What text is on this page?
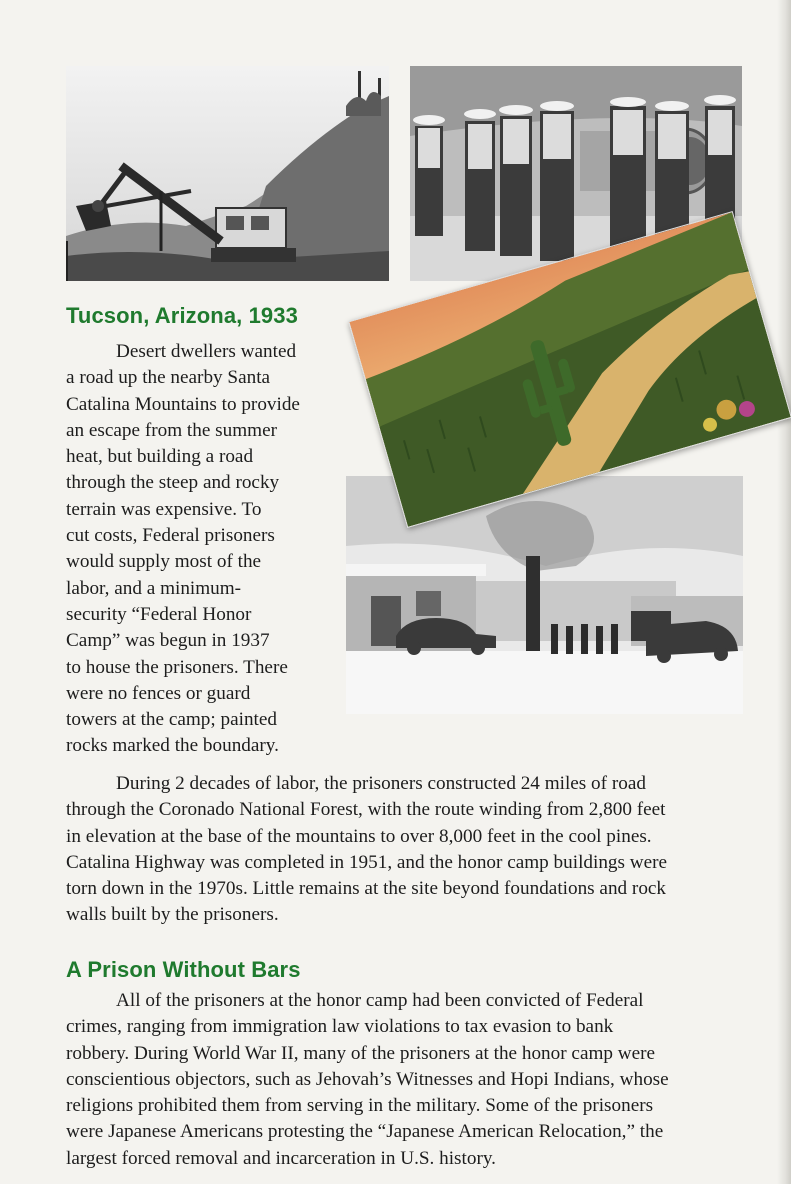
Tucson, Arizona, 1933
Desert dwellers wanted
a road up the nearby Santa
Catalina Mountains to provide
an escape from the summer
heat, but building a road
through the steep and rocky
terrain was expensive. To
cut costs, Federal prisoners
would supply most of the
labor, and a minimum-
security “Federal Honor
Camp” was begun in 1937
to house the prisoners. There
were no fences or guard
towers at the camp; painted
rocks marked the boundary.
During 2 decades of labor, the prisoners constructed 24 miles of road
through the Coronado National Forest, with the route winding from 2,800 feet
in elevation at the base of the mountains to over 8,000 feet in the cool pines.
Catalina Highway was completed in 1951, and the honor camp buildings were
torn down in the 1970s. Little remains at the site beyond foundations and rock
walls built by the prisoners.
A Prison Without Bars
All of the prisoners at the honor camp had been convicted of Federal
crimes, ranging from immigration law violations to tax evasion to bank
robbery. During World War II, many of the prisoners at the honor camp were
conscientious objectors, such as Jehovah’s Witnesses and Hopi Indians, whose
religions prohibited them from serving in the military. Some of the prisoners
were Japanese Americans protesting the “Japanese American Relocation,” the
largest forced removal and incarceration in U.S. history.
